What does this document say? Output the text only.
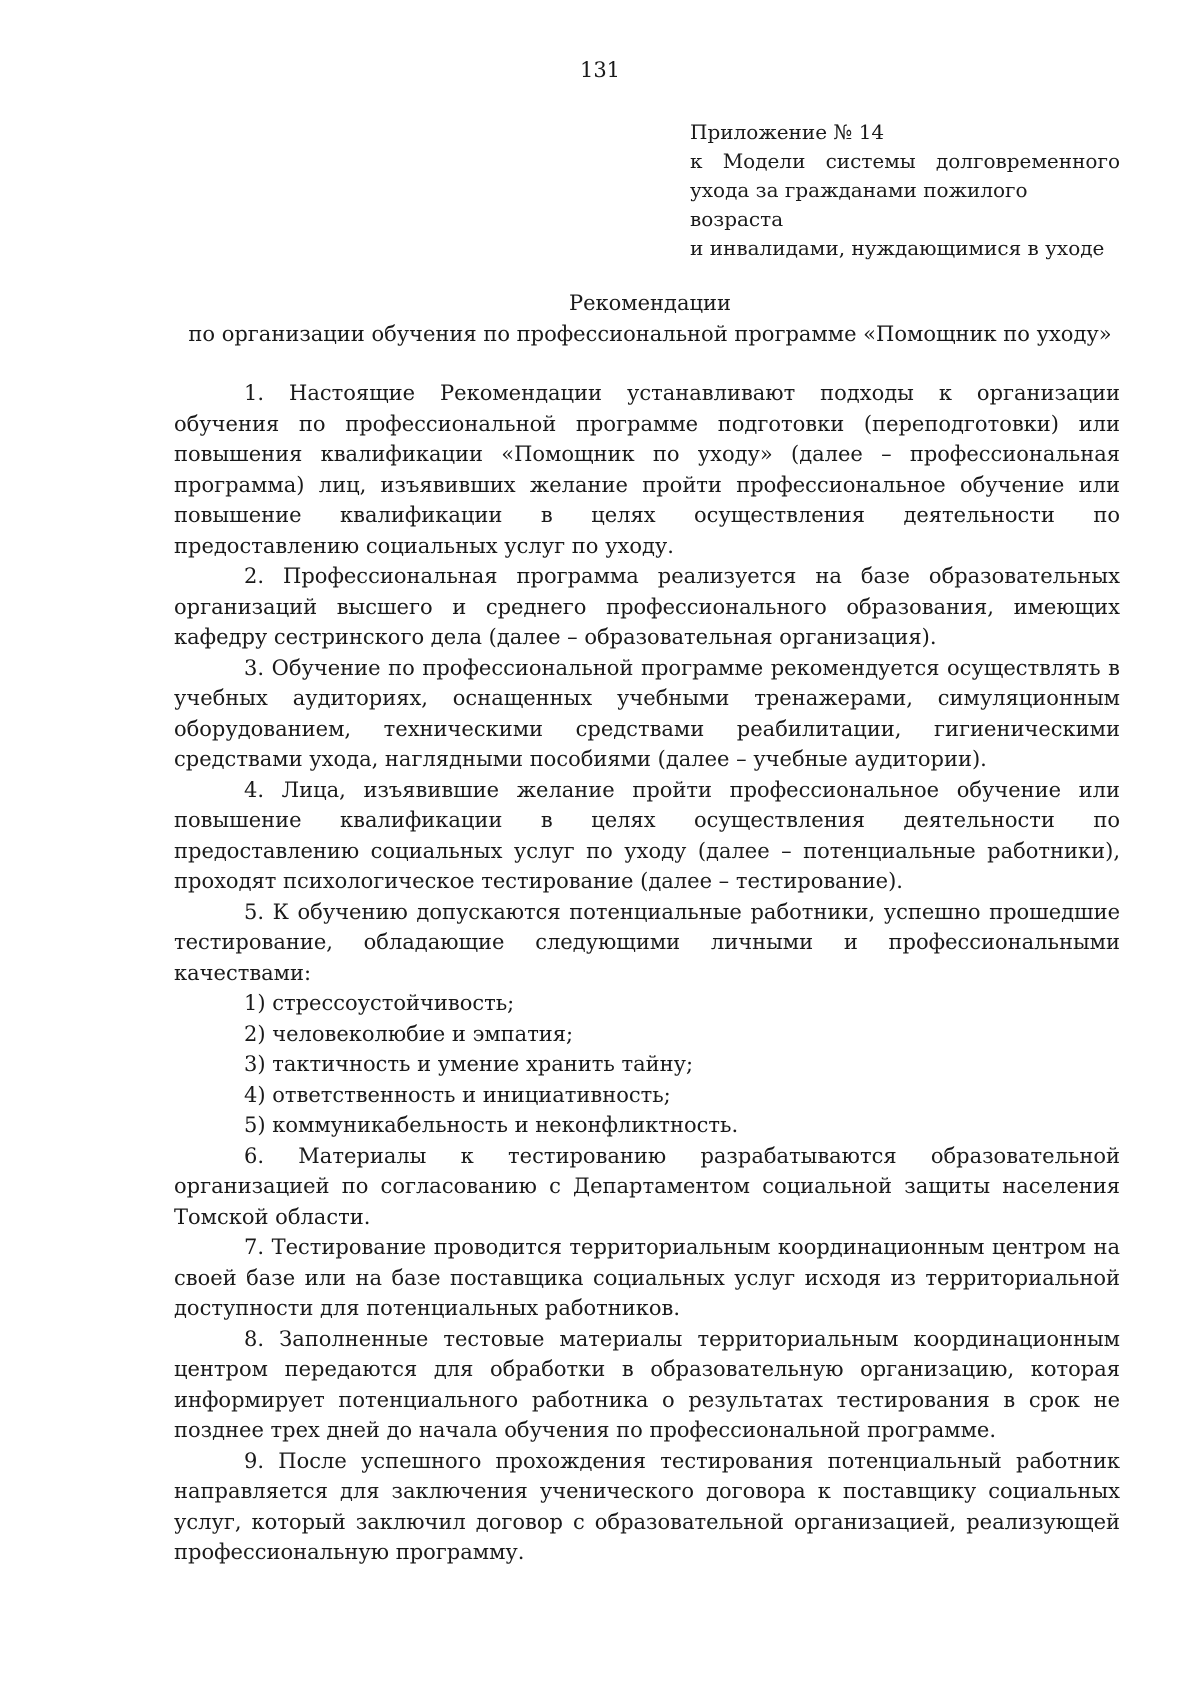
131
Приложение № 14
к Модели системы долговременного
ухода за гражданами пожилого возраста
и инвалидами, нуждающимися в уходе
Рекомендации
по организации обучения по профессиональной программе «Помощник по уходу»

1. Настоящие Рекомендации устанавливают подходы к организации обучения по профессиональной программе подготовки (переподготовки) или повышения квалификации «Помощник по уходу» (далее – профессиональная программа) лиц, изъявивших желание пройти профессиональное обучение или повышение квалификации в целях осуществления деятельности по предоставлению социальных услуг по уходу.

2. Профессиональная программа реализуется на базе образовательных организаций высшего и среднего профессионального образования, имеющих кафедру сестринского дела (далее – образовательная организация).

3. Обучение по профессиональной программе рекомендуется осуществлять в учебных аудиториях, оснащенных учебными тренажерами, симуляционным оборудованием, техническими средствами реабилитации, гигиеническими средствами ухода, наглядными пособиями (далее – учебные аудитории).

4. Лица, изъявившие желание пройти профессиональное обучение или повышение квалификации в целях осуществления деятельности по предоставлению социальных услуг по уходу (далее – потенциальные работники), проходят психологическое тестирование (далее – тестирование).

5. К обучению допускаются потенциальные работники, успешно прошедшие тестирование, обладающие следующими личными и профессиональными качествами:

1) стрессоустойчивость;

2) человеколюбие и эмпатия;

3) тактичность и умение хранить тайну;

4) ответственность и инициативность;

5) коммуникабельность и неконфликтность.

6. Материалы к тестированию разрабатываются образовательной организацией по согласованию с Департаментом социальной защиты населения Томской области.

7. Тестирование проводится территориальным координационным центром на своей базе или на базе поставщика социальных услуг исходя из территориальной доступности для потенциальных работников.

8. Заполненные тестовые материалы территориальным координационным центром передаются для обработки в образовательную организацию, которая информирует потенциального работника о результатах тестирования в срок не позднее трех дней до начала обучения по профессиональной программе.

9. После успешного прохождения тестирования потенциальный работник направляется для заключения ученического договора к поставщику социальных услуг, который заключил договор с образовательной организацией, реализующей профессиональную программу.
